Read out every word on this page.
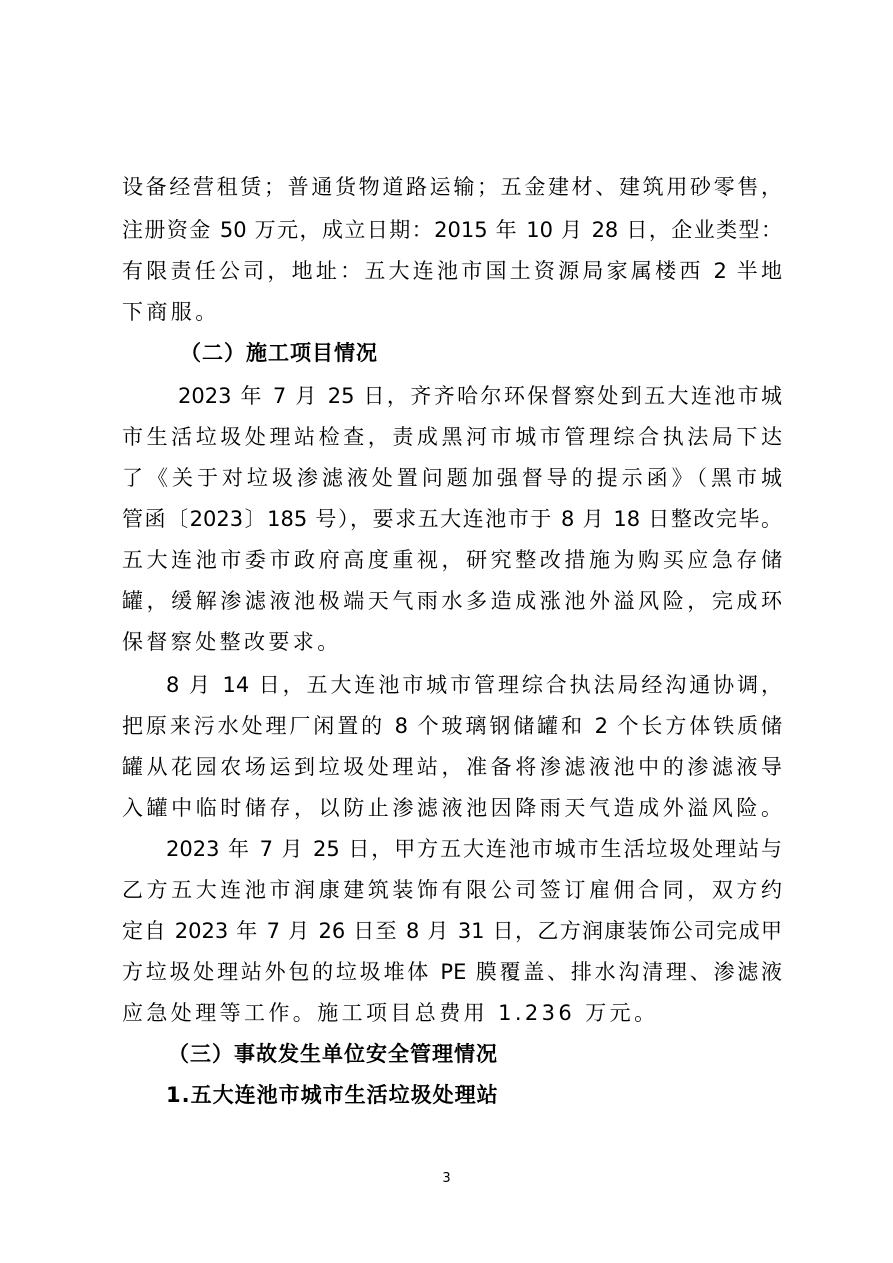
设备经营租赁；普通货物道路运输；五金建材、建筑用砂零售，
注册资金 50 万元，成立日期：2015 年 10 月 28 日，企业类型：
有限责任公司，地址：五大连池市国土资源局家属楼西 2 半地
下商服。
（二）施工项目情况
2023 年 7 月 25 日，齐齐哈尔环保督察处到五大连池市城
市生活垃圾处理站检查，责成黑河市城市管理综合执法局下达
了《关于对垃圾渗滤液处置问题加强督导的提示函》（黑市城
管函〔2023〕185 号），要求五大连池市于 8 月 18 日整改完毕。
五大连池市委市政府高度重视，研究整改措施为购买应急存储
罐，缓解渗滤液池极端天气雨水多造成涨池外溢风险，完成环
保督察处整改要求。
8 月 14 日，五大连池市城市管理综合执法局经沟通协调，
把原来污水处理厂闲置的 8 个玻璃钢储罐和 2 个长方体铁质储
罐从花园农场运到垃圾处理站，准备将渗滤液池中的渗滤液导
入罐中临时储存，以防止渗滤液池因降雨天气造成外溢风险。
2023 年 7 月 25 日，甲方五大连池市城市生活垃圾处理站与
乙方五大连池市润康建筑装饰有限公司签订雇佣合同，双方约
定自 2023 年 7 月 26 日至 8 月 31 日，乙方润康装饰公司完成甲
方垃圾处理站外包的垃圾堆体 PE 膜覆盖、排水沟清理、渗滤液
应急处理等工作。施工项目总费用 1.236 万元。
（三）事故发生单位安全管理情况
1.五大连池市城市生活垃圾处理站
3
